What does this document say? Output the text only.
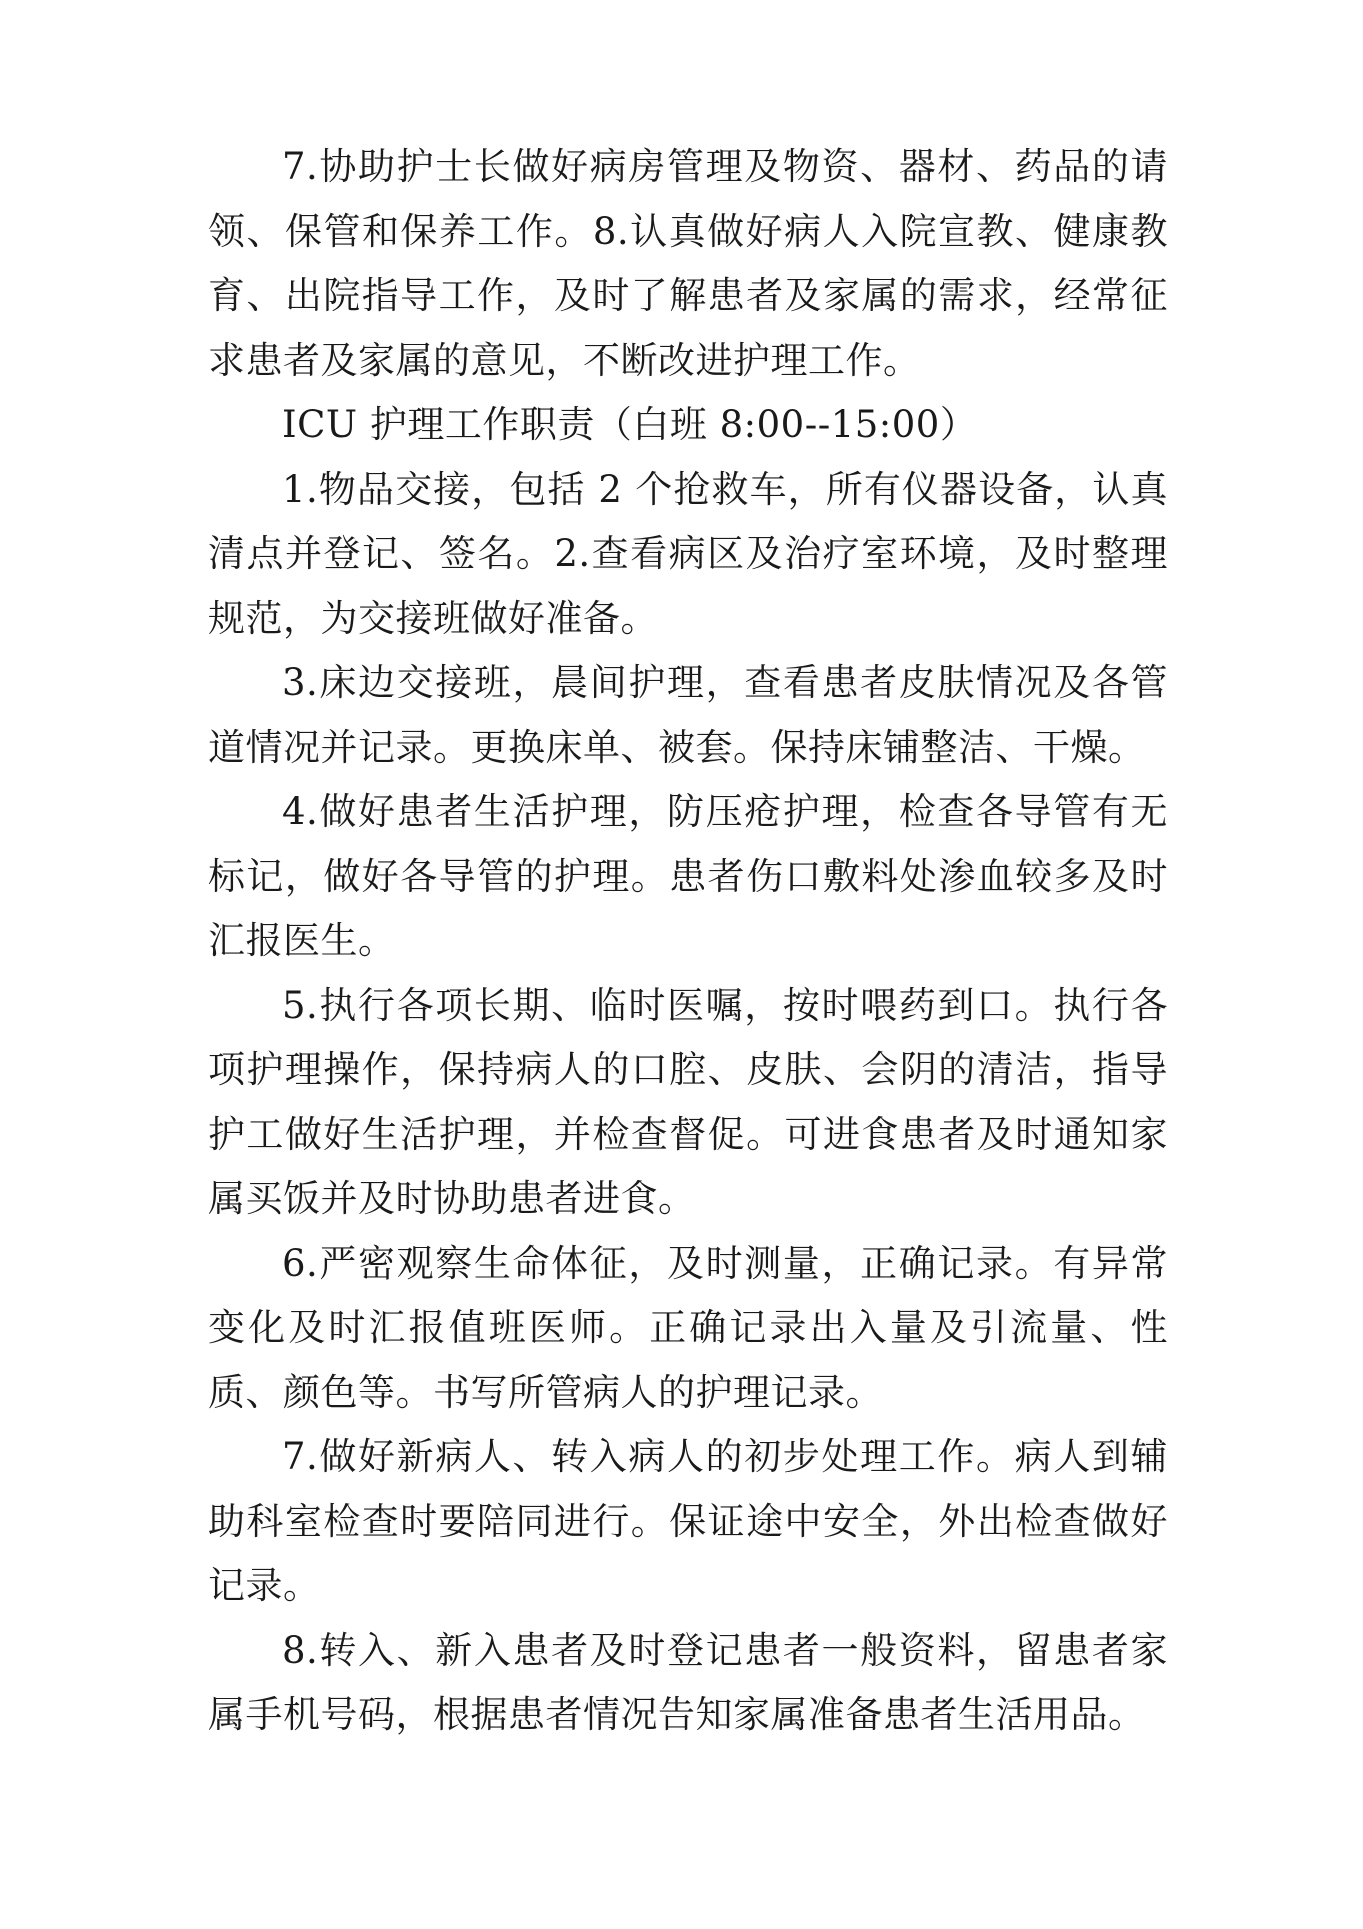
7.协助护士长做好病房管理及物资、器材、药品的请领、保管和保养工作。8.认真做好病人入院宣教、健康教育、出院指导工作，及时了解患者及家属的需求，经常征求患者及家属的意见，不断改进护理工作。

ICU 护理工作职责（白班 8:00--15:00）

1.物品交接，包括 2 个抢救车，所有仪器设备，认真清点并登记、签名。2.查看病区及治疗室环境，及时整理规范，为交接班做好准备。

3.床边交接班，晨间护理，查看患者皮肤情况及各管道情况并记录。更换床单、被套。保持床铺整洁、干燥。

4.做好患者生活护理，防压疮护理，检查各导管有无标记，做好各导管的护理。患者伤口敷料处渗血较多及时汇报医生。

5.执行各项长期、临时医嘱，按时喂药到口。执行各项护理操作，保持病人的口腔、皮肤、会阴的清洁，指导护工做好生活护理，并检查督促。可进食患者及时通知家属买饭并及时协助患者进食。

6.严密观察生命体征，及时测量，正确记录。有异常变化及时汇报值班医师。正确记录出入量及引流量、性质、颜色等。书写所管病人的护理记录。

7.做好新病人、转入病人的初步处理工作。病人到辅助科室检查时要陪同进行。保证途中安全，外出检查做好记录。

8.转入、新入患者及时登记患者一般资料，留患者家属手机号码，根据患者情况告知家属准备患者生活用品。
